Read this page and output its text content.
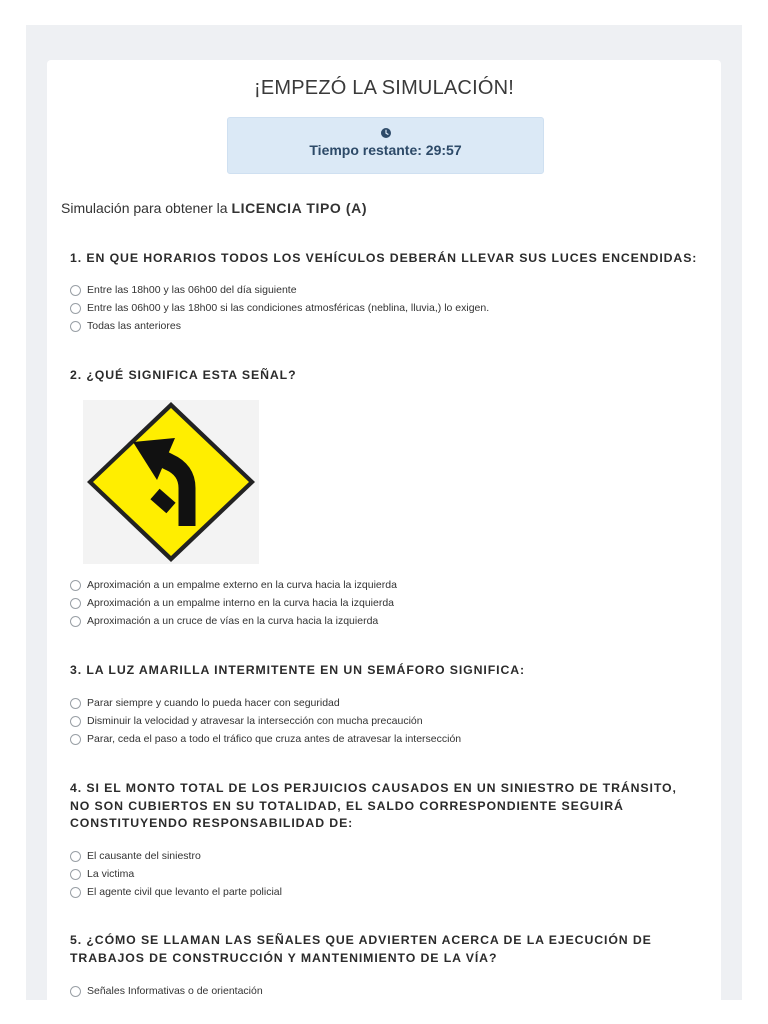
¡EMPEZÓ LA SIMULACIÓN!
Tiempo restante: 29:57
Simulación para obtener la LICENCIA TIPO (A)
1. EN QUE HORARIOS TODOS LOS VEHÍCULOS DEBERÁN LLEVAR SUS LUCES ENCENDIDAS:
Entre las 18h00 y las 06h00 del día siguiente
Entre las 06h00 y las 18h00 si las condiciones atmosféricas (neblina, lluvia,) lo exigen.
Todas las anteriores
2. ¿QUÉ SIGNIFICA ESTA SEÑAL?
Aproximación a un empalme externo en la curva hacia la izquierda
Aproximación a un empalme interno en la curva hacia la izquierda
Aproximación a un cruce de vías en la curva hacia la izquierda
3. LA LUZ AMARILLA INTERMITENTE EN UN SEMÁFORO SIGNIFICA:
Parar siempre y cuando lo pueda hacer con seguridad
Disminuir la velocidad y atravesar la intersección con mucha precaución
Parar, ceda el paso a todo el tráfico que cruza antes de atravesar la intersección
4. SI EL MONTO TOTAL DE LOS PERJUICIOS CAUSADOS EN UN SINIESTRO DE TRÁNSITO, NO SON CUBIERTOS EN SU TOTALIDAD, EL SALDO CORRESPONDIENTE SEGUIRÁ CONSTITUYENDO RESPONSABILIDAD DE:
El causante del siniestro
La victima
El agente civil que levanto el parte policial
5. ¿CÓMO SE LLAMAN LAS SEÑALES QUE ADVIERTEN ACERCA DE LA EJECUCIÓN DE TRABAJOS DE CONSTRUCCIÓN Y MANTENIMIENTO DE LA VÍA?
Señales Informativas o de orientación
